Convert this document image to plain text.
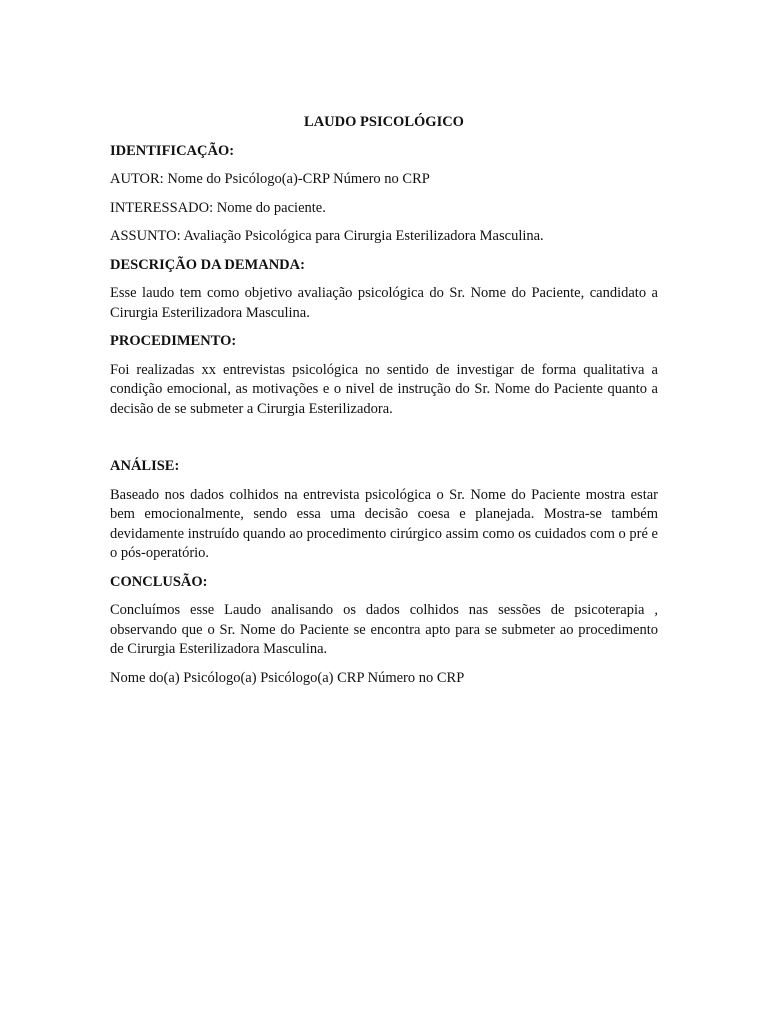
LAUDO PSICOLÓGICO

IDENTIFICAÇÃO:

AUTOR: Nome do Psicólogo(a)-CRP Número no CRP

INTERESSADO: Nome do paciente.

ASSUNTO: Avaliação Psicológica para Cirurgia Esterilizadora Masculina.

DESCRIÇÃO DA DEMANDA:

Esse laudo tem como objetivo avaliação psicológica do Sr. Nome do Paciente, candidato a Cirurgia Esterilizadora Masculina.

PROCEDIMENTO:

Foi realizadas xx entrevistas psicológica no sentido de investigar de forma qualitativa a condição emocional, as motivações e o nivel de instrução do Sr. Nome do Paciente quanto a decisão de se submeter a Cirurgia Esterilizadora.

ANÁLISE:

Baseado nos dados colhidos na entrevista psicológica o Sr. Nome do Paciente mostra estar bem emocionalmente, sendo essa uma decisão coesa e planejada. Mostra-se também devidamente instruído quando ao procedimento cirúrgico assim como os cuidados com o pré e o pós-operatório.

CONCLUSÃO:

Concluímos esse Laudo analisando os dados colhidos nas sessões de psicoterapia , observando que o Sr. Nome do Paciente se encontra apto para se submeter ao procedimento de Cirurgia Esterilizadora Masculina.

Nome do(a) Psicólogo(a) Psicólogo(a) CRP Número no CRP
